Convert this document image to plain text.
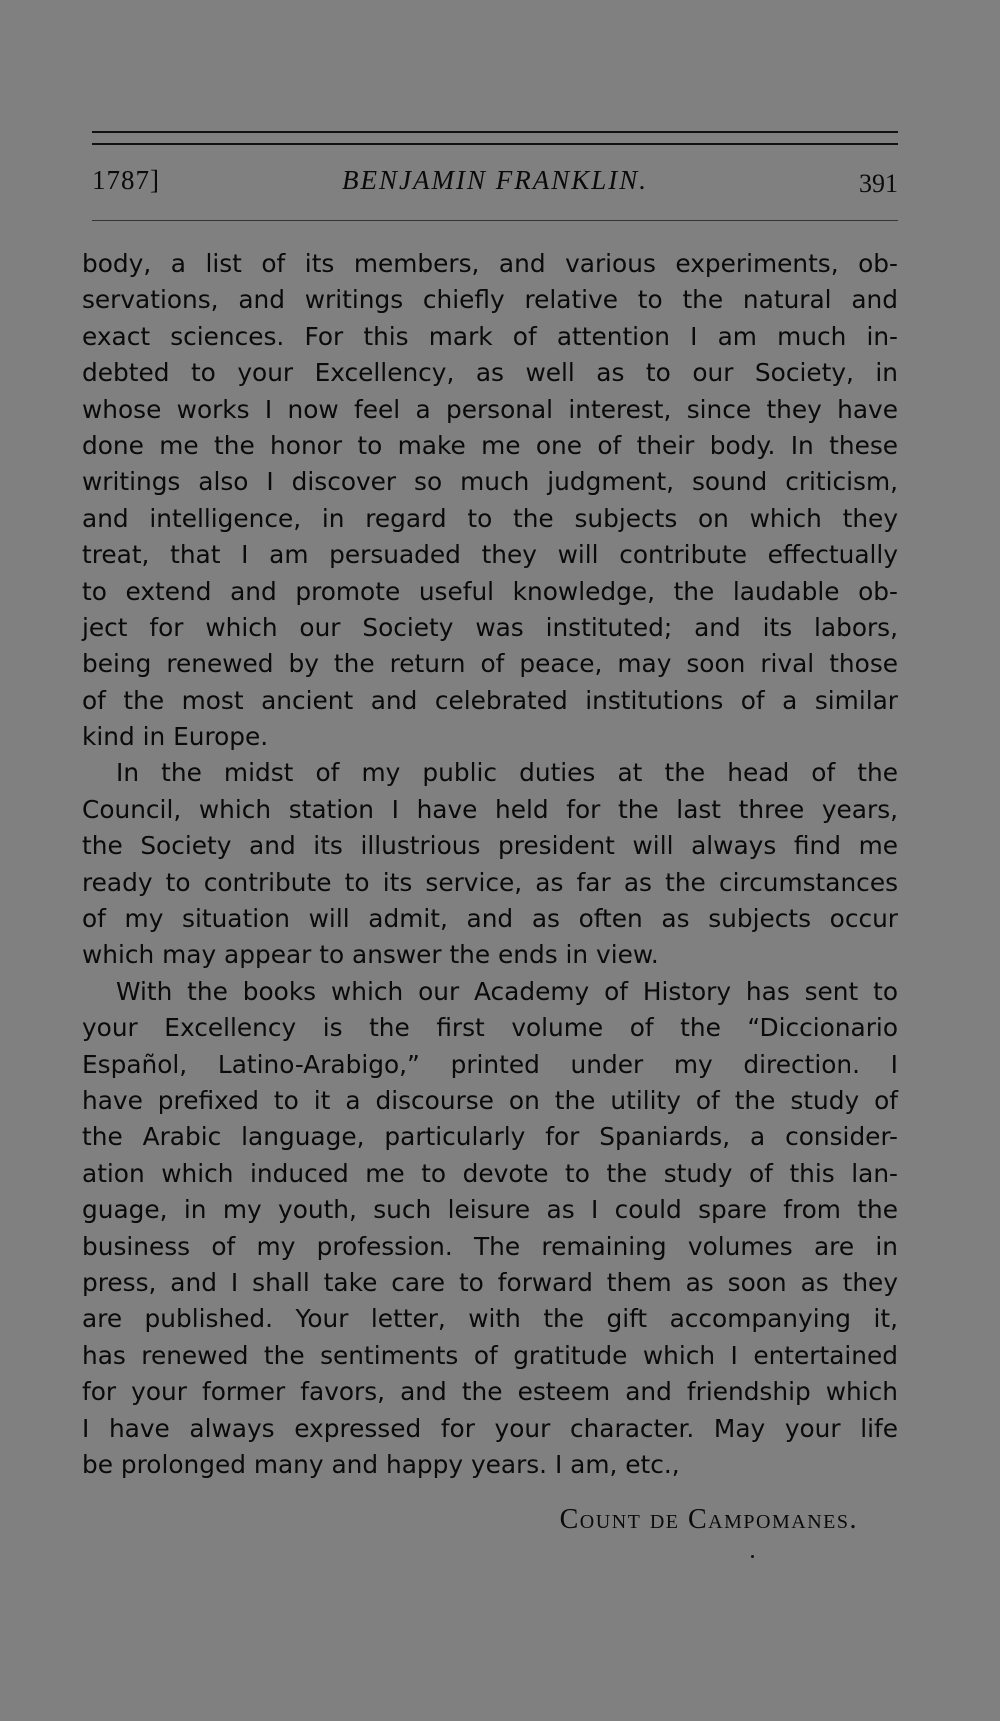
1787]	BENJAMIN FRANKLIN.	391
body, a list of its members, and various experiments, ob-
servations, and writings chiefly relative to the natural and
exact sciences. For this mark of attention I am much in-
debted to your Excellency, as well as to our Society, in
whose works I now feel a personal interest, since they have
done me the honor to make me one of their body. In these
writings also I discover so much judgment, sound criticism,
and intelligence, in regard to the subjects on which they
treat, that I am persuaded they will contribute effectually
to extend and promote useful knowledge, the laudable ob-
ject for which our Society was instituted; and its labors,
being renewed by the return of peace, may soon rival those
of the most ancient and celebrated institutions of a similar
kind in Europe.
In the midst of my public duties at the head of the
Council, which station I have held for the last three years,
the Society and its illustrious president will always find me
ready to contribute to its service, as far as the circumstances
of my situation will admit, and as often as subjects occur
which may appear to answer the ends in view.
With the books which our Academy of History has sent to
your Excellency is the first volume of the “Diccionario
Español, Latino-Arabigo,” printed under my direction. I
have prefixed to it a discourse on the utility of the study of
the Arabic language, particularly for Spaniards, a consider-
ation which induced me to devote to the study of this lan-
guage, in my youth, such leisure as I could spare from the
business of my profession. The remaining volumes are in
press, and I shall take care to forward them as soon as they
are published. Your letter, with the gift accompanying it,
has renewed the sentiments of gratitude which I entertained
for your former favors, and the esteem and friendship which
I have always expressed for your character. May your life
be prolonged many and happy years. I am, etc.,
Count de Campomanes.
